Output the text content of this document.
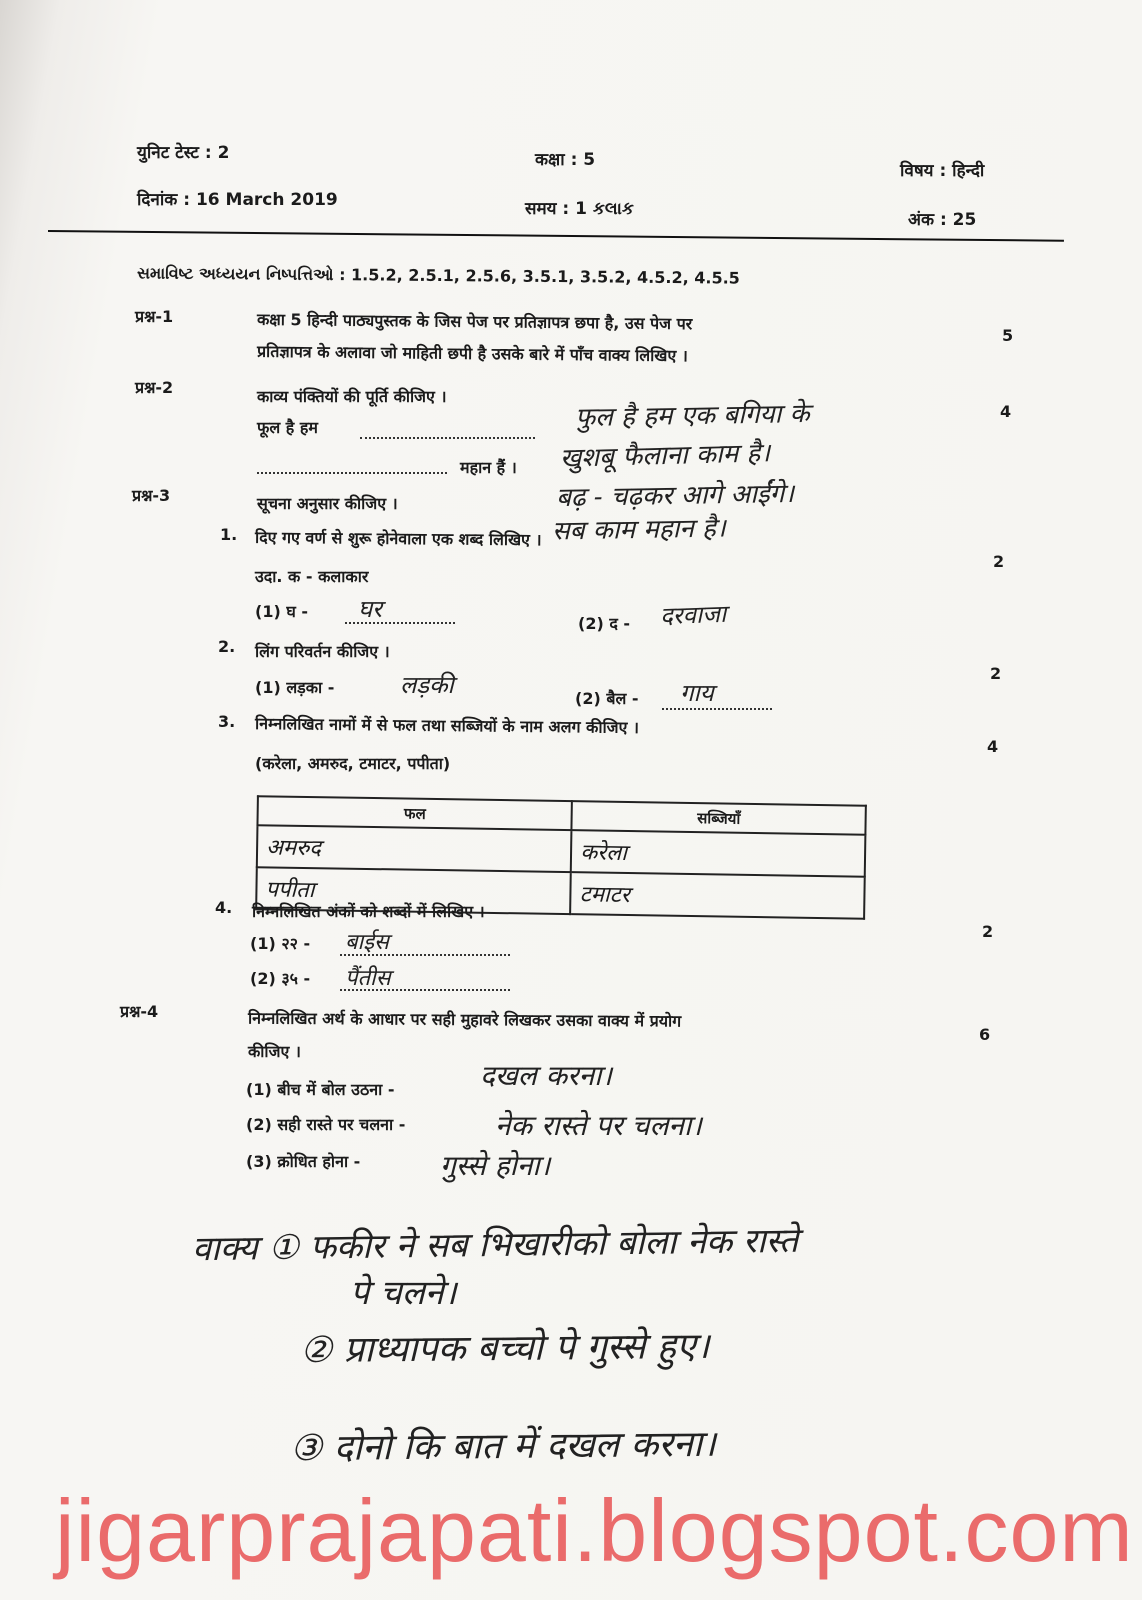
युनिट टेस्ट : 2
दिनांक : 16 March 2019
कक्षा : 5
समय : 1 કલાક
विषय : हिन्दी
अंक : 25
સમાવિષ્ટ અધ્યયન નિષ્પત્તિઓ : 1.5.2, 2.5.1, 2.5.6, 3.5.1, 3.5.2, 4.5.2, 4.5.5
प्रश्न-1	कक्षा 5 हिन्दी पाठ्यपुस्तक के जिस पेज पर प्रतिज्ञापत्र छपा है, उस पेज पर
प्रतिज्ञापत्र के अलावा जो माहिती छपी है उसके बारे में पाँच वाक्य लिखिए ।
5
प्रश्न-2	काव्य पंक्तियों की पूर्ति कीजिए ।
फूल है हम
महान हैं ।
4
फुल है हम एक बगिया के
खुशबू फैलाना काम है।
बढ़ - चढ़कर आगे आईंगे।
सब काम महान है।
प्रश्न-3	सूचना अनुसार कीजिए ।
1. दिए गए वर्ण से शुरू होनेवाला एक शब्द लिखिए ।
उदा. क - कलाकार
(1) घ - घर
(2) द - दरवाजा
2
2. लिंग परिवर्तन कीजिए ।
(1) लड़का -	लड़की	(2) बैल - गाय
2
3. निम्नलिखित नामों में से फल तथा सब्जियों के नाम अलग कीजिए ।
(करेला, अमरुद, टमाटर, पपीता)
4
फल	सब्जियाँ
अमरुद	करेला
पपीता	टमाटर
4. निम्नलिखित अंकों को शब्दों में लिखिए ।
(1) २२ - बाईस
(2) ३५ - पैंतीस
2
प्रश्न-4	निम्नलिखित अर्थ के आधार पर सही मुहावरे लिखकर उसका वाक्य में प्रयोग
कीजिए ।
6
(1) बीच में बोल उठना -	दखल करना।
(2) सही रास्ते पर चलना -	नेक रास्ते पर चलना।
(3) क्रोधित होना -	गुस्से होना।
वाक्य ① फकीर ने सब भिखारीको बोला नेक रास्ते
पे चलने।
② प्राध्यापक बच्चो पे गुस्से हुए।
③ दोनो कि बात में दखल करना।
jigarprajapati.blogspot.com
